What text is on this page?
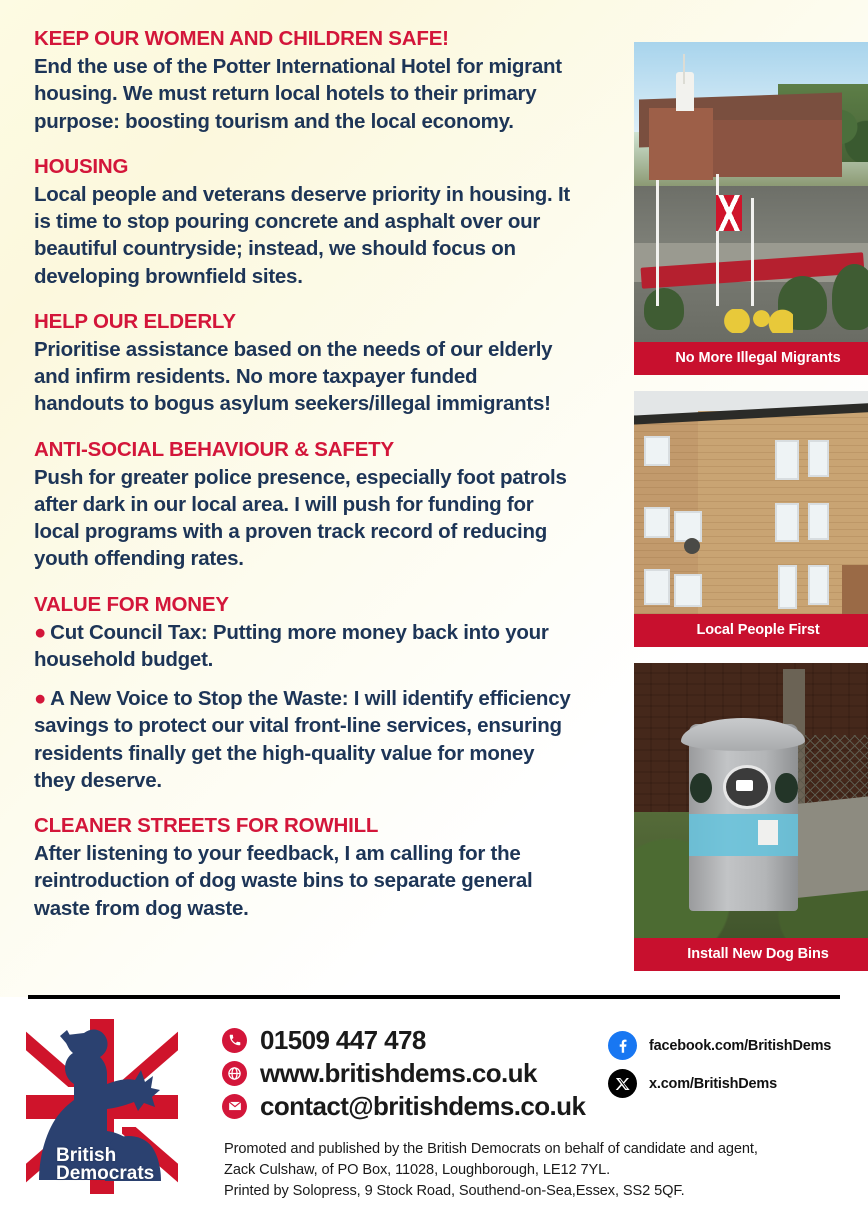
KEEP OUR WOMEN AND CHILDREN SAFE!

End the use of the Potter International Hotel for migrant housing. We must return local hotels to their primary purpose: boosting tourism and the local economy.

HOUSING

Local people and veterans deserve priority in housing. It is time to stop pouring concrete and asphalt over our beautiful countryside; instead, we should focus on developing brownfield sites.

HELP OUR ELDERLY

Prioritise assistance based on the needs of our elderly and infirm residents. No more taxpayer funded handouts to bogus asylum seekers/illegal immigrants!

ANTI-SOCIAL BEHAVIOUR & SAFETY

Push for greater police presence, especially foot patrols after dark in our local area. I will push for funding for local programs with a proven track record of reducing youth offending rates.

VALUE FOR MONEY

● Cut Council Tax: Putting more money back into your household budget.

● A New Voice to Stop the Waste: I will identify efficiency savings to protect our vital front-line services, ensuring residents finally get the high-quality value for money they deserve.

CLEANER STREETS FOR ROWHILL

After listening to your feedback, I am calling for the reintroduction of dog waste bins to separate general waste from dog waste.

No More Illegal Migrants
Local People First
Install New Dog Bins
British
Democrats
01509 447 478
www.britishdems.co.uk
contact@britishdems.co.uk
facebook.com/BritishDems
x.com/BritishDems
Promoted and published by the British Democrats on behalf of candidate and agent,
Zack Culshaw, of PO Box, 11028, Loughborough, LE12 7YL.
Printed by Solopress, 9 Stock Road, Southend-on-Sea,Essex, SS2 5QF.
